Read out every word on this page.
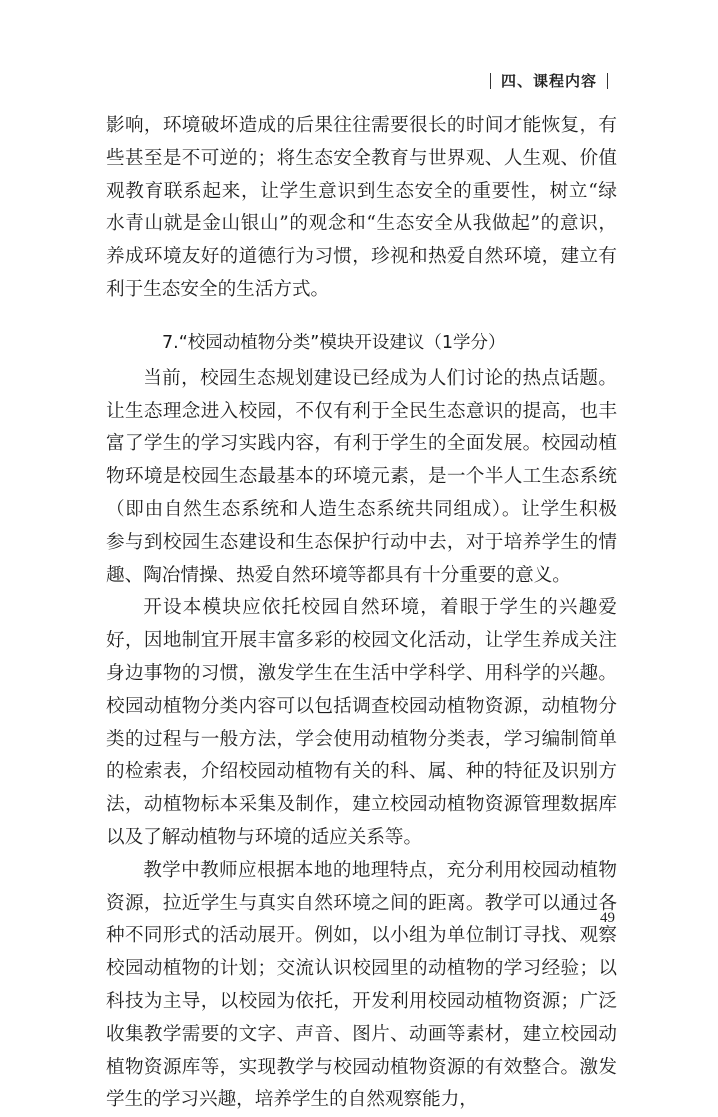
四、课程内容

影响，环境破坏造成的后果往往需要很长的时间才能恢复，有些甚至是不可逆的；将生态安全教育与世界观、人生观、价值观教育联系起来，让学生意识到生态安全的重要性，树立“绿水青山就是金山银山”的观念和“生态安全从我做起”的意识，养成环境友好的道德行为习惯，珍视和热爱自然环境，建立有利于生态安全的生活方式。

7.“校园动植物分类”模块开设建议（1学分）

当前，校园生态规划建设已经成为人们讨论的热点话题。让生态理念进入校园，不仅有利于全民生态意识的提高，也丰富了学生的学习实践内容，有利于学生的全面发展。校园动植物环境是校园生态最基本的环境元素，是一个半人工生态系统（即由自然生态系统和人造生态系统共同组成）。让学生积极参与到校园生态建设和生态保护行动中去，对于培养学生的情趣、陶冶情操、热爱自然环境等都具有十分重要的意义。

开设本模块应依托校园自然环境，着眼于学生的兴趣爱好，因地制宜开展丰富多彩的校园文化活动，让学生养成关注身边事物的习惯，激发学生在生活中学科学、用科学的兴趣。校园动植物分类内容可以包括调查校园动植物资源，动植物分类的过程与一般方法，学会使用动植物分类表，学习编制简单的检索表，介绍校园动植物有关的科、属、种的特征及识别方法，动植物标本采集及制作，建立校园动植物资源管理数据库以及了解动植物与环境的适应关系等。

教学中教师应根据本地的地理特点，充分利用校园动植物资源，拉近学生与真实自然环境之间的距离。教学可以通过各种不同形式的活动展开。例如，以小组为单位制订寻找、观察校园动植物的计划；交流认识校园里的动植物的学习经验；以科技为主导，以校园为依托，开发利用校园动植物资源；广泛收集教学需要的文字、声音、图片、动画等素材，建立校园动植物资源库等，实现教学与校园动植物资源的有效整合。激发学生的学习兴趣，培养学生的自然观察能力，

49
